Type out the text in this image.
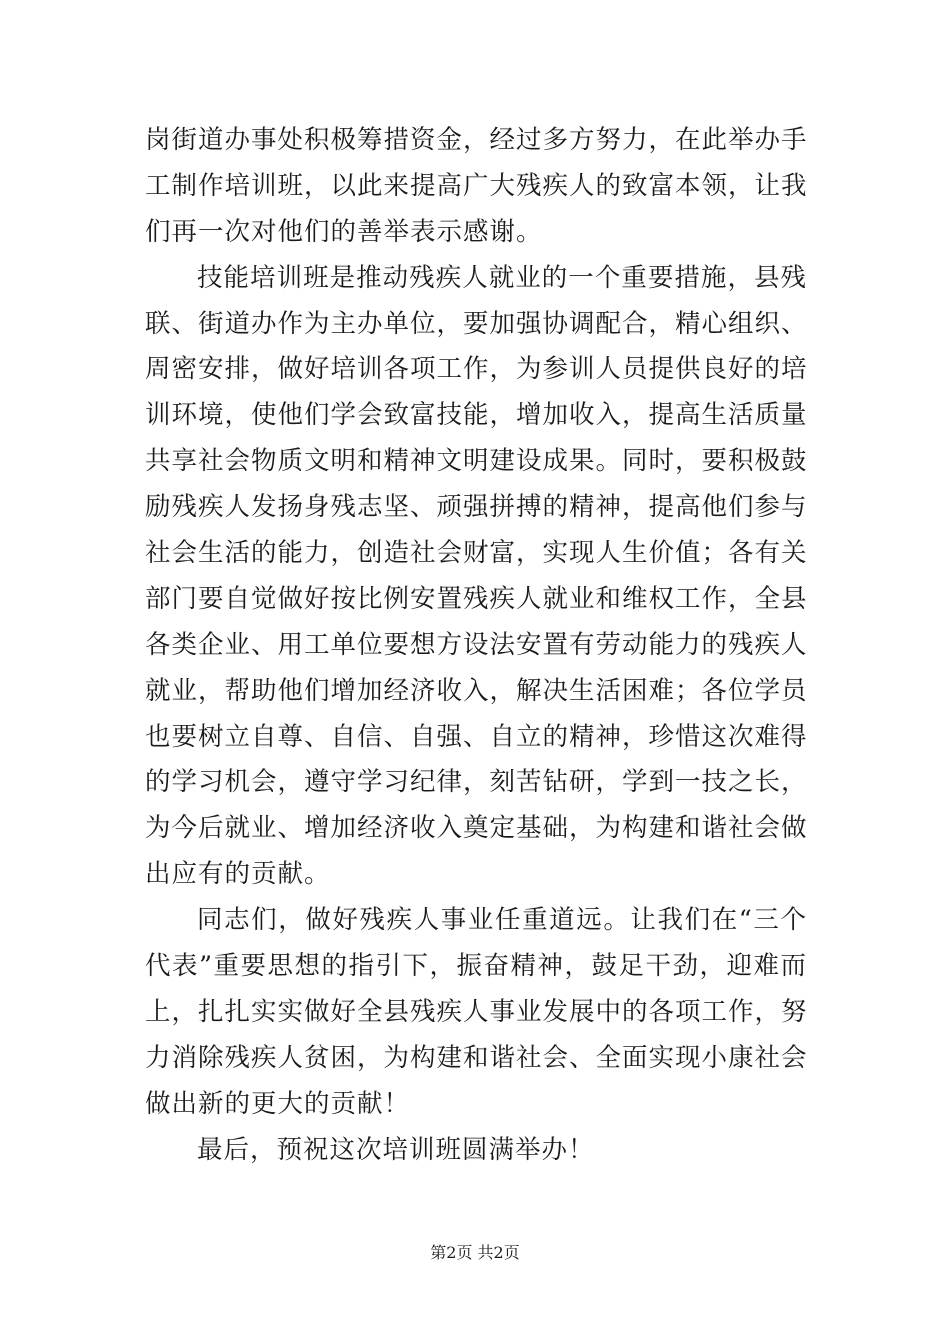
岗街道办事处积极筹措资金，经过多方努力，在此举办手
工制作培训班，以此来提高广大残疾人的致富本领，让我
们再一次对他们的善举表示感谢。
技能培训班是推动残疾人就业的一个重要措施，县残
联、街道办作为主办单位，要加强协调配合，精心组织、
周密安排，做好培训各项工作，为参训人员提供良好的培
训环境，使他们学会致富技能，增加收入，提高生活质量
共享社会物质文明和精神文明建设成果。同时，要积极鼓
励残疾人发扬身残志坚、顽强拼搏的精神，提高他们参与
社会生活的能力，创造社会财富，实现人生价值；各有关
部门要自觉做好按比例安置残疾人就业和维权工作，全县
各类企业、用工单位要想方设法安置有劳动能力的残疾人
就业，帮助他们增加经济收入，解决生活困难；各位学员
也要树立自尊、自信、自强、自立的精神，珍惜这次难得
的学习机会，遵守学习纪律，刻苦钻研，学到一技之长，
为今后就业、增加经济收入奠定基础，为构建和谐社会做
出应有的贡献。
同志们，做好残疾人事业任重道远。让我们在“三个
代表”重要思想的指引下，振奋精神，鼓足干劲，迎难而
上，扎扎实实做好全县残疾人事业发展中的各项工作，努
力消除残疾人贫困，为构建和谐社会、全面实现小康社会
做出新的更大的贡献！
最后，预祝这次培训班圆满举办！
第2页 共2页
